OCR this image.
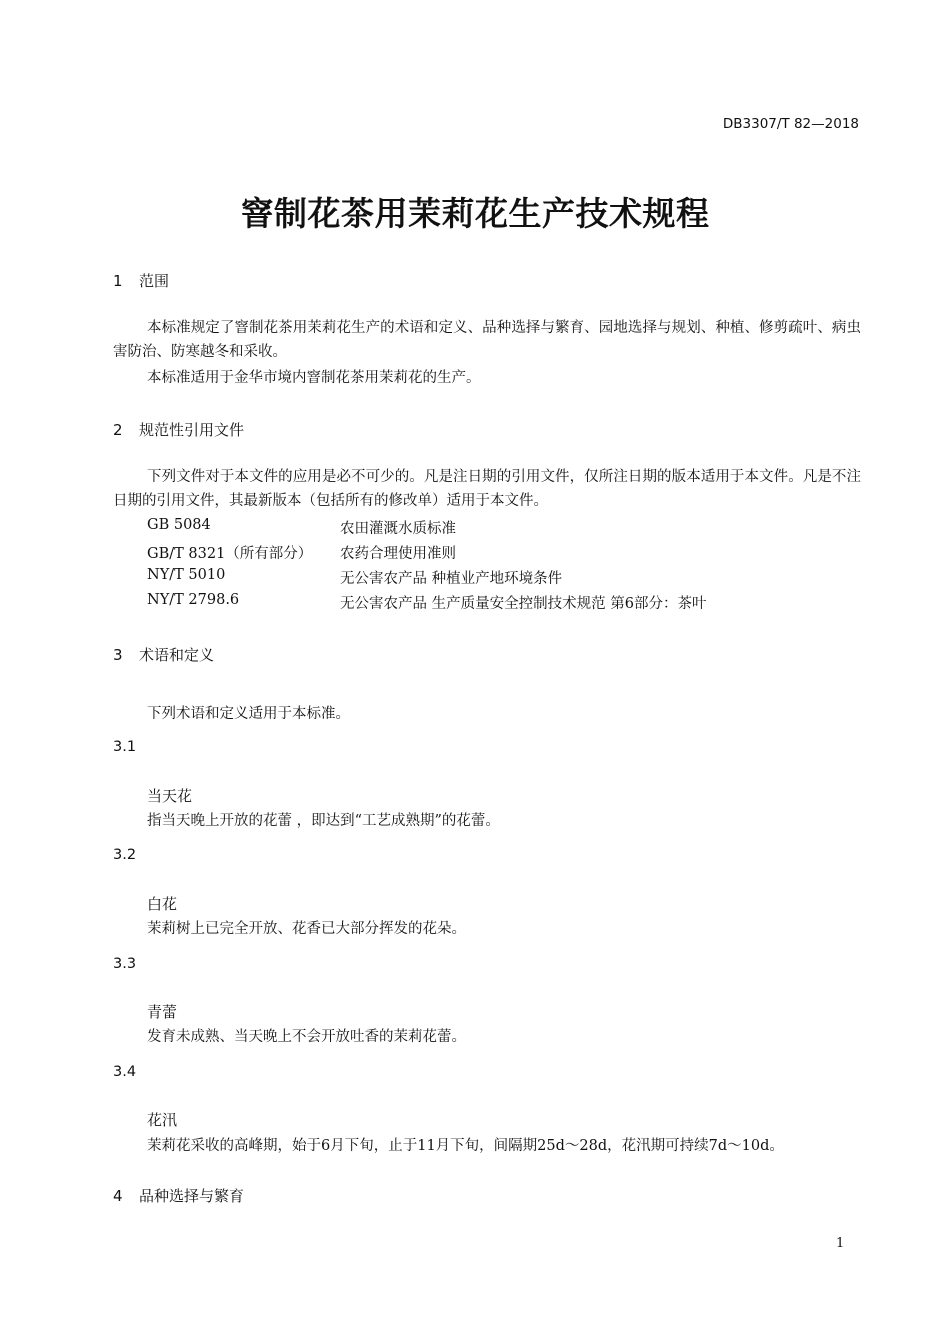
DB3307/T 82—2018
窨制花茶用茉莉花生产技术规程
1 范围
本标准规定了窨制花茶用茉莉花生产的术语和定义、品种选择与繁育、园地选择与规划、种植、修剪疏叶、病虫害防治、防寒越冬和采收。
本标准适用于金华市境内窨制花茶用茉莉花的生产。
2 规范性引用文件
下列文件对于本文件的应用是必不可少的。凡是注日期的引用文件，仅所注日期的版本适用于本文件。凡是不注日期的引用文件，其最新版本（包括所有的修改单）适用于本文件。
GB 5084	农田灌溉水质标准
GB/T 8321（所有部分） 农药合理使用准则
NY/T 5010	无公害农产品 种植业产地环境条件
NY/T 2798.6	无公害农产品 生产质量安全控制技术规范 第6部分：茶叶
3 术语和定义
下列术语和定义适用于本标准。
3.1
当天花
指当天晚上开放的花蕾 ，即达到“工艺成熟期”的花蕾。
3.2
白花
茉莉树上已完全开放、花香已大部分挥发的花朵。
3.3
青蕾
发育未成熟、当天晚上不会开放吐香的茉莉花蕾。
3.4
花汛
茉莉花采收的高峰期，始于6月下旬，止于11月下旬，间隔期25d～28d，花汛期可持续7d～10d。
4 品种选择与繁育
1
